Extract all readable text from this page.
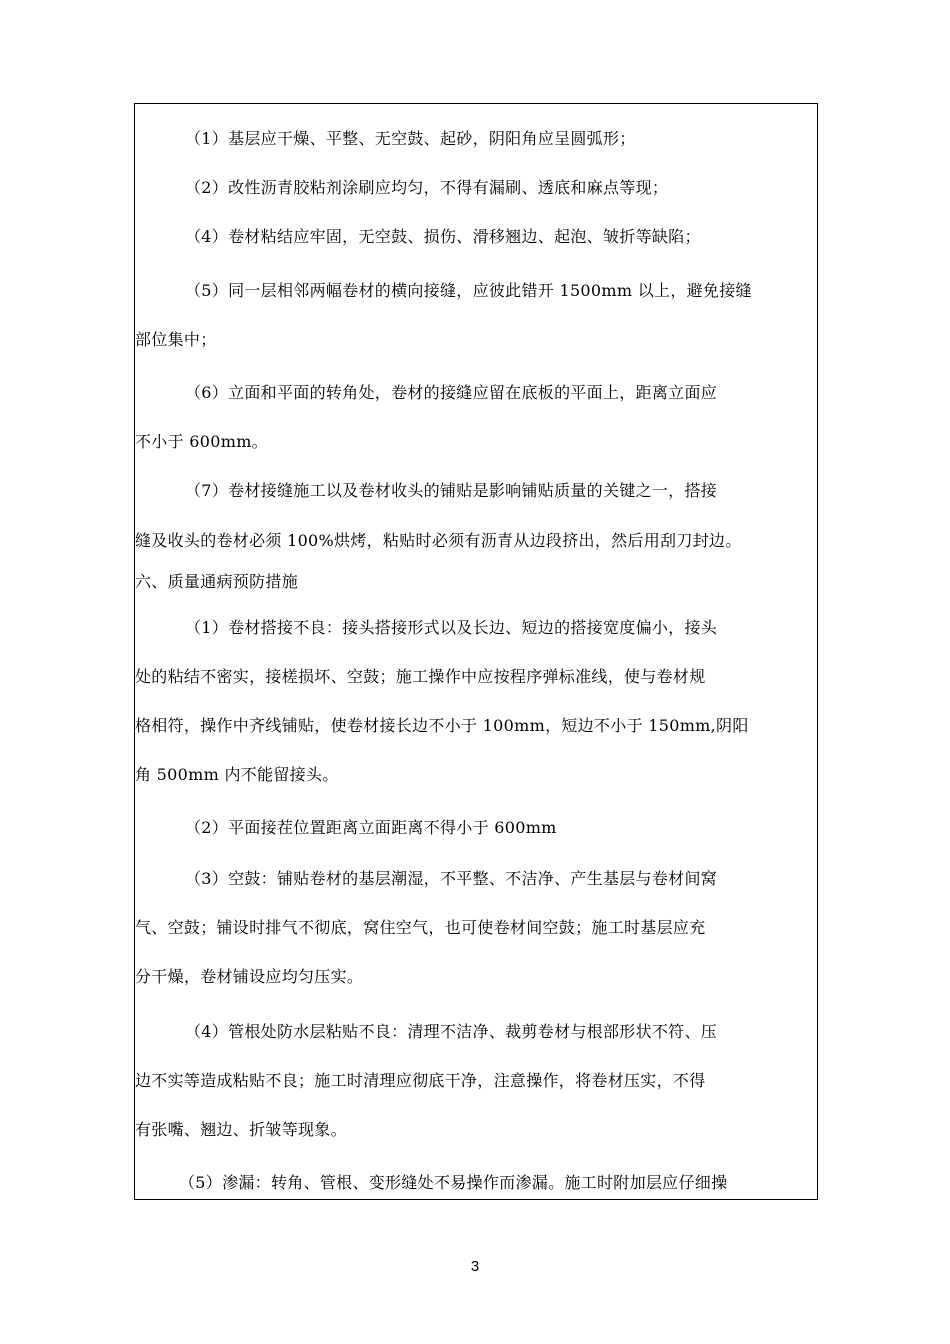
（1）基层应干燥、平整、无空鼓、起砂，阴阳角应呈圆弧形；
（2）改性沥青胶粘剂涂刷应均匀，不得有漏刷、透底和麻点等现；
（4）卷材粘结应牢固，无空鼓、损伤、滑移翘边、起泡、皱折等缺陷；
（5）同一层相邻两幅卷材的横向接缝，应彼此错开 1500mm 以上，避免接缝
部位集中；
（6）立面和平面的转角处，卷材的接缝应留在底板的平面上，距离立面应
不小于 600mm。
（7）卷材接缝施工以及卷材收头的铺贴是影响铺贴质量的关键之一，搭接
缝及收头的卷材必须 100%烘烤，粘贴时必须有沥青从边段挤出，然后用刮刀封边。
六、质量通病预防措施
（1）卷材搭接不良：接头搭接形式以及长边、短边的搭接宽度偏小，接头
处的粘结不密实，接槎损坏、空鼓；施工操作中应按程序弹标准线，使与卷材规
格相符，操作中齐线铺贴，使卷材接长边不小于 100mm，短边不小于 150mm,阴阳
角 500mm 内不能留接头。
（2）平面接茬位置距离立面距离不得小于 600mm
（3）空鼓：铺贴卷材的基层潮湿，不平整、不洁净、产生基层与卷材间窝
气、空鼓；铺设时排气不彻底，窝住空气，也可使卷材间空鼓；施工时基层应充
分干燥，卷材铺设应均匀压实。
（4）管根处防水层粘贴不良：清理不洁净、裁剪卷材与根部形状不符、压
边不实等造成粘贴不良；施工时清理应彻底干净，注意操作，将卷材压实，不得
有张嘴、翘边、折皱等现象。
（5）渗漏：转角、管根、变形缝处不易操作而渗漏。施工时附加层应仔细操
3
